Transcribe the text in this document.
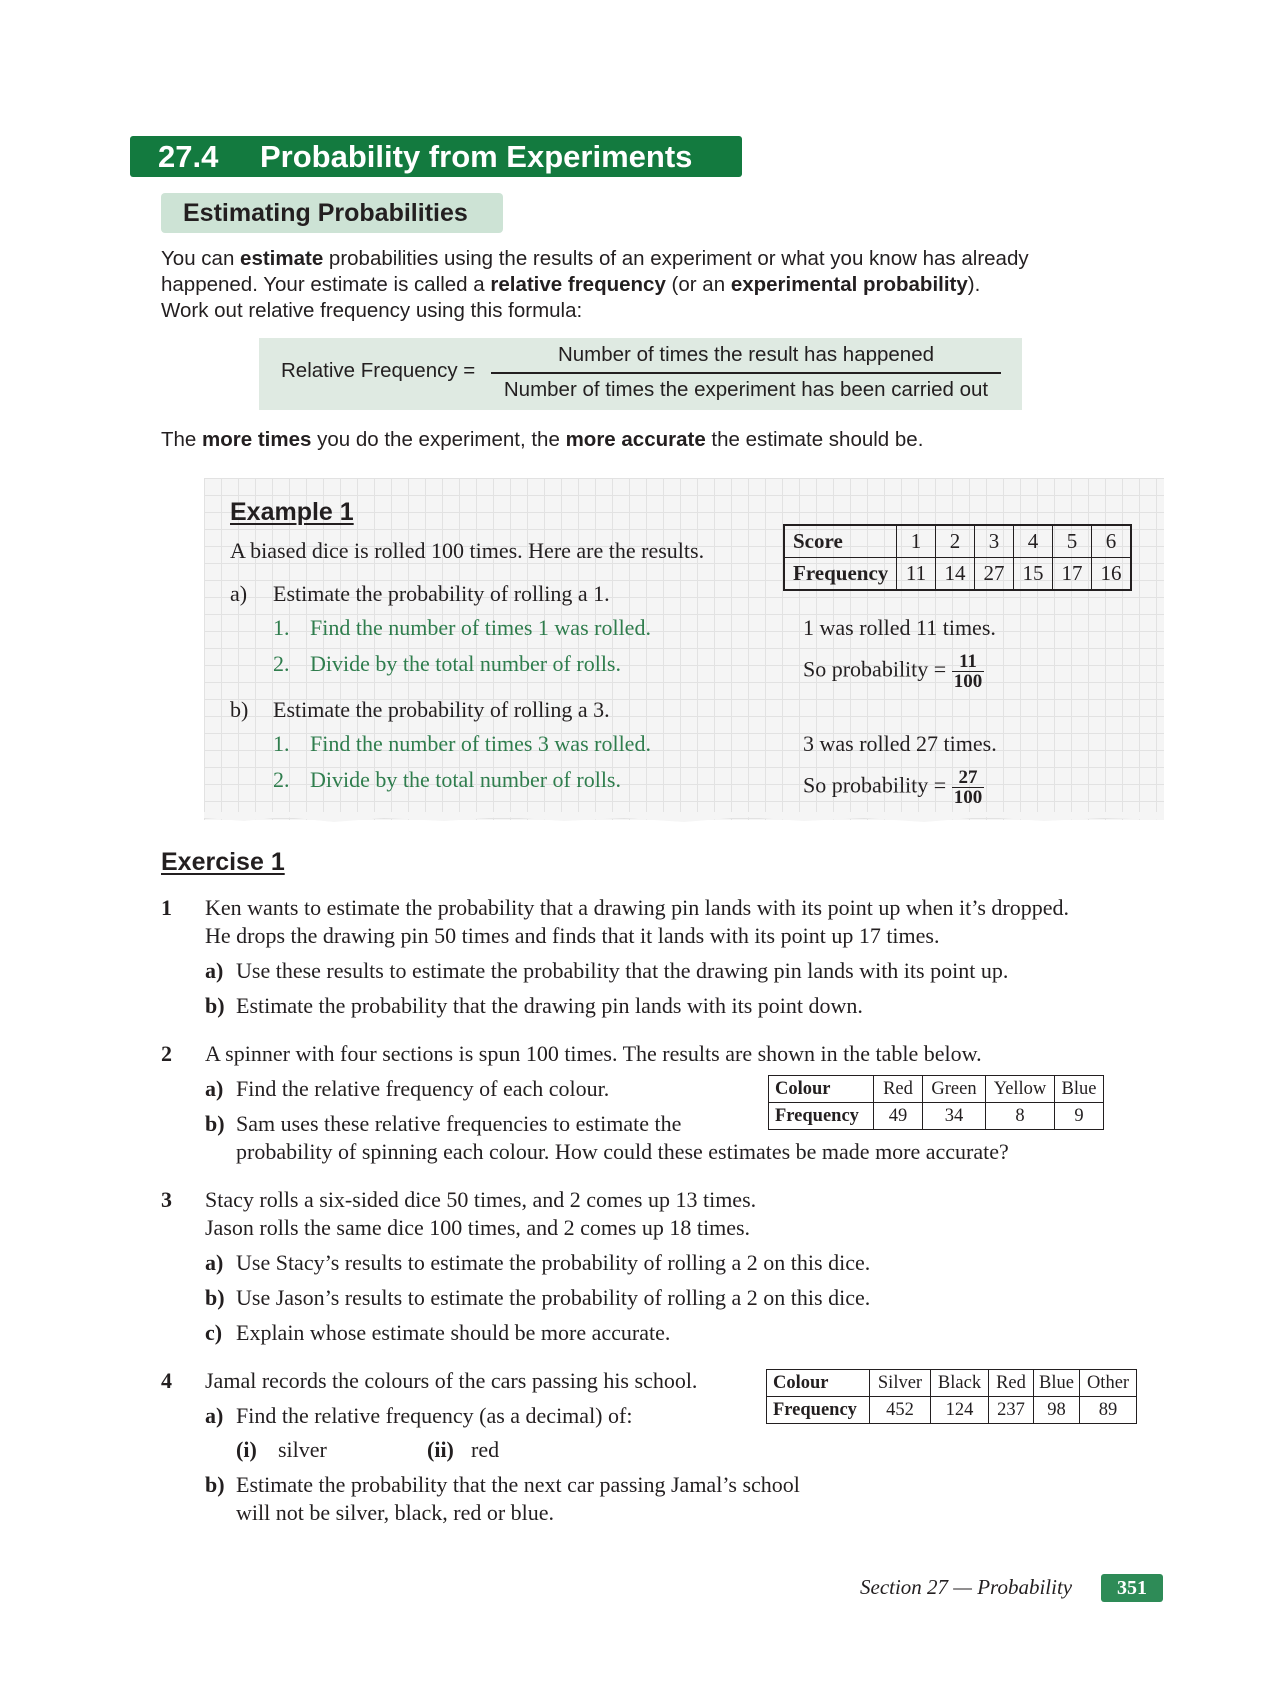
27.4 Probability from Experiments
Estimating Probabilities
You can estimate probabilities using the results of an experiment or what you know has already
happened. Your estimate is called a relative frequency (or an experimental probability).
Work out relative frequency using this formula:
Relative Frequency =
Number of times the result has happened
Number of times the experiment has been carried out
The more times you do the experiment, the more accurate the estimate should be.
Example 1
A biased dice is rolled 100 times. Here are the results.	Score	1	2	3	4	5	6
Frequency	11	14	27	15	17	16
a) Estimate the probability of rolling a 1.
1. Find the number of times 1 was rolled.
2. Divide by the total number of rolls.
1 was rolled 11 times.
So probability = $\frac{11}{100}$
b) Estimate the probability of rolling a 3.
1. Find the number of times 3 was rolled.
2. Divide by the total number of rolls.
3 was rolled 27 times.
So probability = $\frac{27}{100}$
Exercise 1
1 Ken wants to estimate the probability that a drawing pin lands with its point up when it’s dropped.
He drops the drawing pin 50 times and finds that it lands with its point up 17 times.
a) Use these results to estimate the probability that the drawing pin lands with its point up.
b) Estimate the probability that the drawing pin lands with its point down.
2 A spinner with four sections is spun 100 times. The results are shown in the table below.
a) Find the relative frequency of each colour.
b) Sam uses these relative frequencies to estimate the
probability of spinning each colour. How could these estimates be made more accurate?
Colour	Red	Green	Yellow	Blue
Frequency	49	34	8	9
3 Stacy rolls a six-sided dice 50 times, and 2 comes up 13 times.
Jason rolls the same dice 100 times, and 2 comes up 18 times.
a) Use Stacy’s results to estimate the probability of rolling a 2 on this dice.
b) Use Jason’s results to estimate the probability of rolling a 2 on this dice.
c) Explain whose estimate should be more accurate.
4 Jamal records the colours of the cars passing his school.
a) Find the relative frequency (as a decimal) of:
(i) silver	(ii) red
b) Estimate the probability that the next car passing Jamal’s school
will not be silver, black, red or blue.
Colour	Silver	Black	Red	Blue	Other
Frequency	452	124	237	98	89
Section 27 — Probability	351
